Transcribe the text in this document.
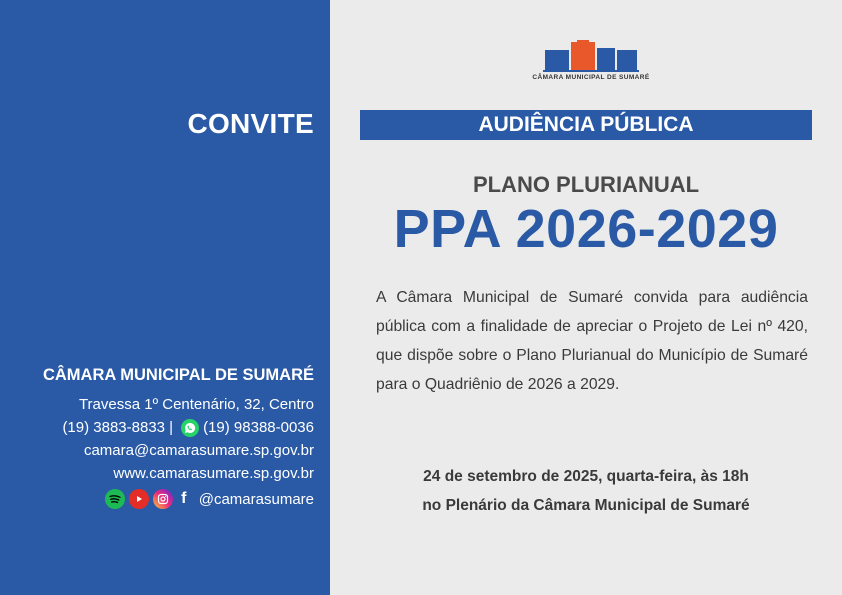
CONVITE
CÂMARA MUNICIPAL DE SUMARÉ
Travessa 1º Centenário, 32, Centro
(19) 3883-8833 | (19) 98388-0036
camara@camarasumare.sp.gov.br
www.camarasumare.sp.gov.br
f @camarasumare
CÂMARA MUNICIPAL DE SUMARÉ
AUDIÊNCIA PÚBLICA
PLANO PLURIANUAL
PPA 2026-2029
A Câmara Municipal de Sumaré convida para audiência pública com a finalidade de apreciar o Projeto de Lei nº 420, que dispõe sobre o Plano Plurianual do Município de Sumaré para o Quadriênio de 2026 a 2029.
24 de setembro de 2025, quarta-feira, às 18h
no Plenário da Câmara Municipal de Sumaré
